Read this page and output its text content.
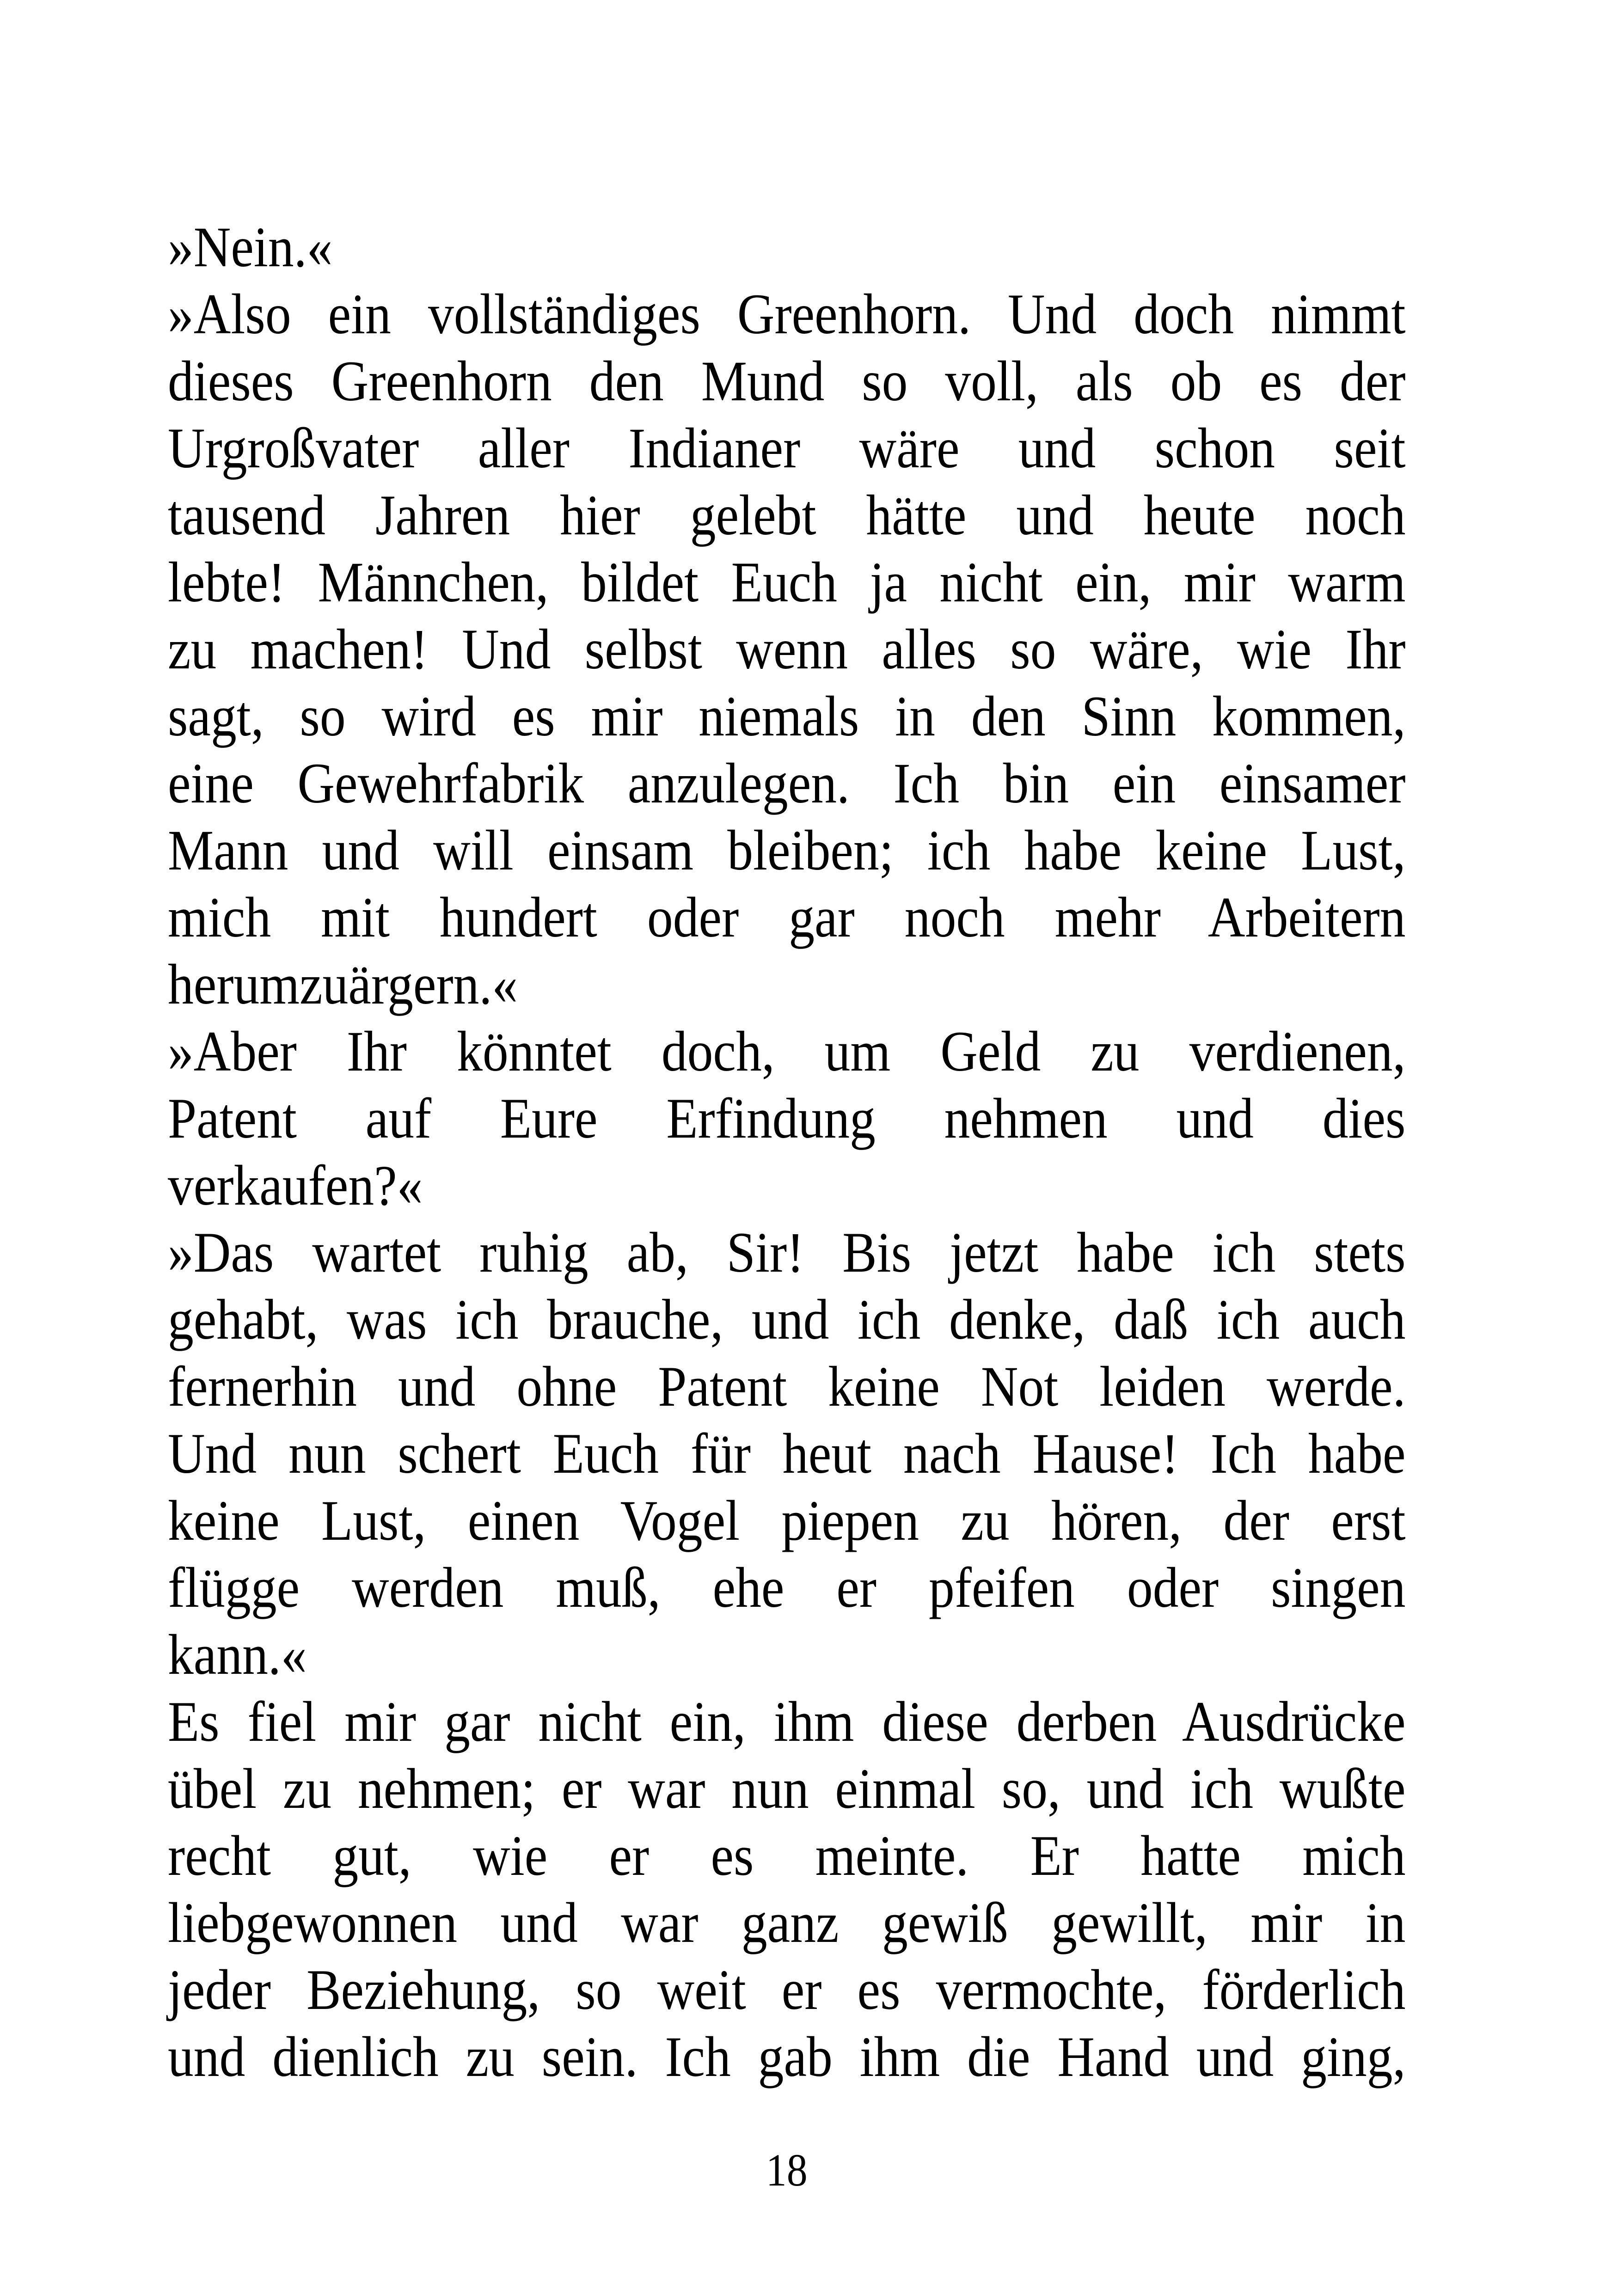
»Nein.«
»Also ein vollständiges Greenhorn. Und doch nimmt
dieses Greenhorn den Mund so voll, als ob es der
Urgroßvater aller Indianer wäre und schon seit
tausend Jahren hier gelebt hätte und heute noch
lebte! Männchen, bildet Euch ja nicht ein, mir warm
zu machen! Und selbst wenn alles so wäre, wie Ihr
sagt, so wird es mir niemals in den Sinn kommen,
eine Gewehrfabrik anzulegen. Ich bin ein einsamer
Mann und will einsam bleiben; ich habe keine Lust,
mich mit hundert oder gar noch mehr Arbeitern
herumzuärgern.«
»Aber Ihr könntet doch, um Geld zu verdienen,
Patent auf Eure Erfindung nehmen und dies
verkaufen?«
»Das wartet ruhig ab, Sir! Bis jetzt habe ich stets
gehabt, was ich brauche, und ich denke, daß ich auch
fernerhin und ohne Patent keine Not leiden werde.
Und nun schert Euch für heut nach Hause! Ich habe
keine Lust, einen Vogel piepen zu hören, der erst
flügge werden muß, ehe er pfeifen oder singen
kann.«
Es fiel mir gar nicht ein, ihm diese derben Ausdrücke
übel zu nehmen; er war nun einmal so, und ich wußte
recht gut, wie er es meinte. Er hatte mich
liebgewonnen und war ganz gewiß gewillt, mir in
jeder Beziehung, so weit er es vermochte, förderlich
und dienlich zu sein. Ich gab ihm die Hand und ging,
18
